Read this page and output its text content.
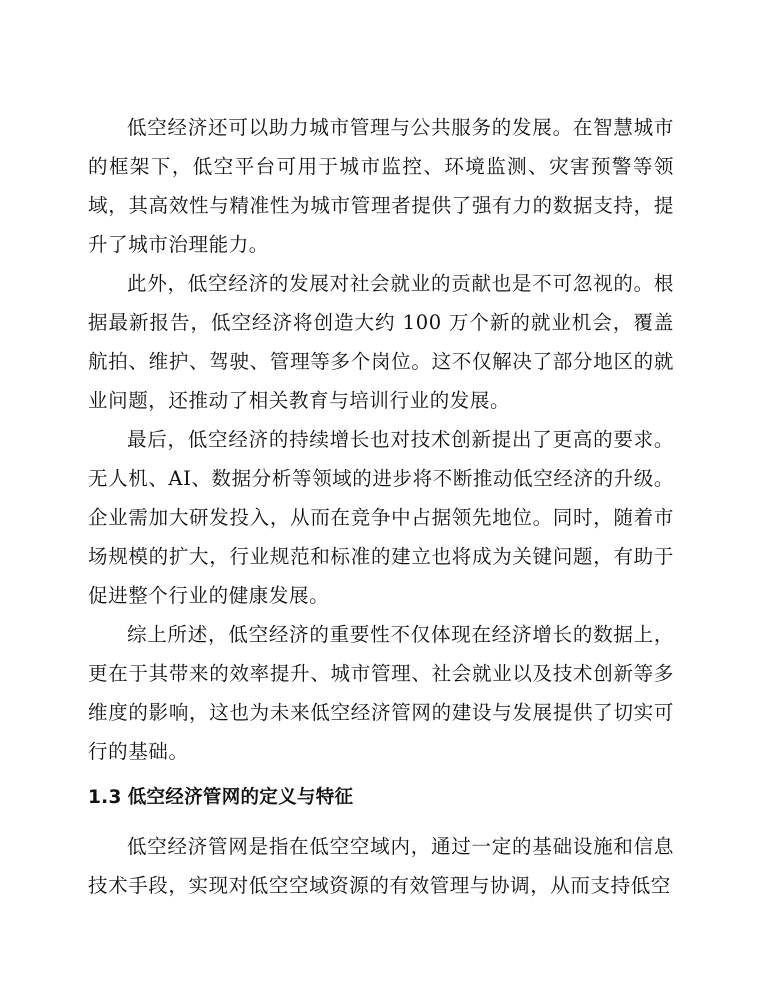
低空经济还可以助力城市管理与公共服务的发展。在智慧城市的框架下，低空平台可用于城市监控、环境监测、灾害预警等领域，其高效性与精准性为城市管理者提供了强有力的数据支持，提升了城市治理能力。

此外，低空经济的发展对社会就业的贡献也是不可忽视的。根据最新报告，低空经济将创造大约 100 万个新的就业机会，覆盖航拍、维护、驾驶、管理等多个岗位。这不仅解决了部分地区的就业问题，还推动了相关教育与培训行业的发展。

最后，低空经济的持续增长也对技术创新提出了更高的要求。无人机、AI、数据分析等领域的进步将不断推动低空经济的升级。企业需加大研发投入，从而在竞争中占据领先地位。同时，随着市场规模的扩大，行业规范和标准的建立也将成为关键问题，有助于促进整个行业的健康发展。

综上所述，低空经济的重要性不仅体现在经济增长的数据上，更在于其带来的效率提升、城市管理、社会就业以及技术创新等多维度的影响，这也为未来低空经济管网的建设与发展提供了切实可行的基础。

1.3 低空经济管网的定义与特征

低空经济管网是指在低空空域内，通过一定的基础设施和信息技术手段，实现对低空空域资源的有效管理与协调，从而支持低空
